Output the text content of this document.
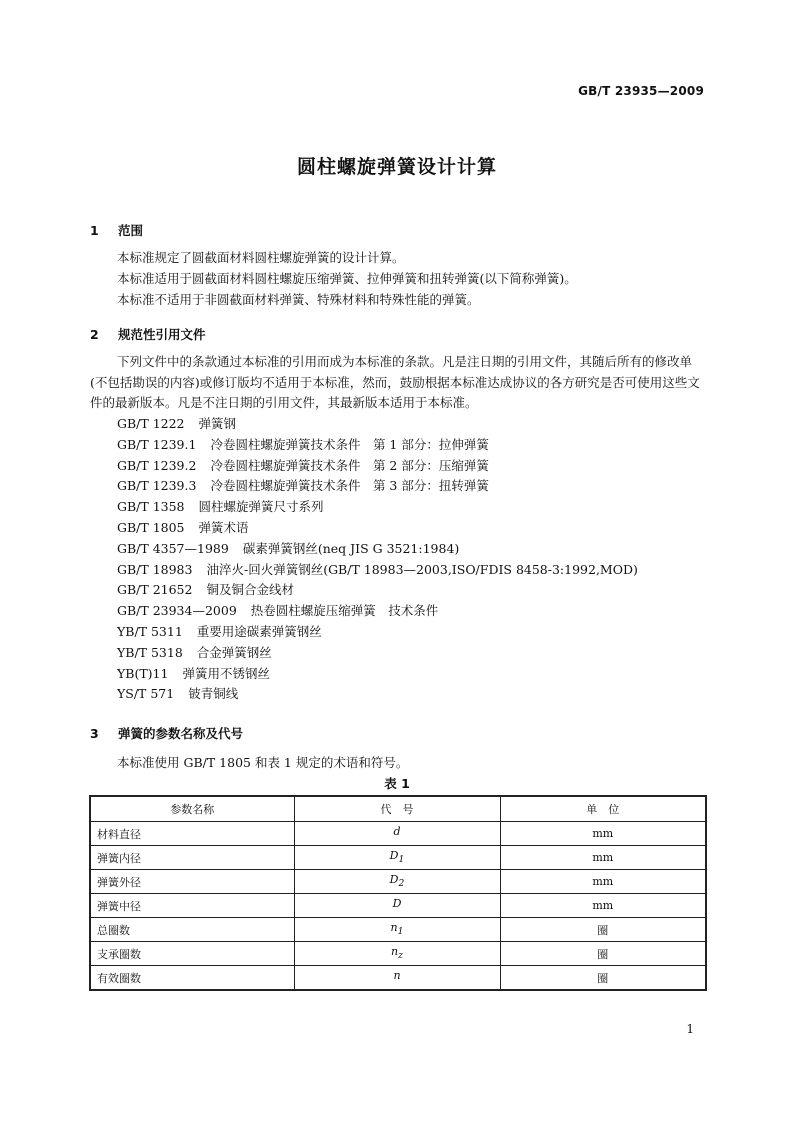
GB/T 23935—2009
圆柱螺旋弹簧设计计算
1 范围
本标准规定了圆截面材料圆柱螺旋弹簧的设计计算。
本标准适用于圆截面材料圆柱螺旋压缩弹簧、拉伸弹簧和扭转弹簧(以下简称弹簧)。
本标准不适用于非圆截面材料弹簧、特殊材料和特殊性能的弹簧。
2 规范性引用文件

下列文件中的条款通过本标准的引用而成为本标准的条款。凡是注日期的引用文件，其随后所有的修改单(不包括勘误的内容)或修订版均不适用于本标准，然而，鼓励根据本标准达成协议的各方研究是否可使用这些文件的最新版本。凡是不注日期的引用文件，其最新版本适用于本标准。

GB/T 1222 弹簧钢
GB/T 1239.1 冷卷圆柱螺旋弹簧技术条件　第 1 部分：拉伸弹簧
GB/T 1239.2 冷卷圆柱螺旋弹簧技术条件　第 2 部分：压缩弹簧
GB/T 1239.3 冷卷圆柱螺旋弹簧技术条件　第 3 部分：扭转弹簧
GB/T 1358 圆柱螺旋弹簧尺寸系列
GB/T 1805 弹簧术语
GB/T 4357—1989 碳素弹簧钢丝(neq JIS G 3521:1984)
GB/T 18983 油淬火-回火弹簧钢丝(GB/T 18983—2003,ISO/FDIS 8458-3:1992,MOD)
GB/T 21652 铜及铜合金线材
GB/T 23934—2009 热卷圆柱螺旋压缩弹簧　技术条件
YB/T 5311 重要用途碳素弹簧钢丝
YB/T 5318 合金弹簧钢丝
YB(T)11 弹簧用不锈钢丝
YS/T 571 铍青铜线
3 弹簧的参数名称及代号
本标准使用 GB/T 1805 和表 1 规定的术语和符号。
表 1
参数名称	代　号	单　位
材料直径	d	mm
弹簧内径	$D_1$	mm
弹簧外径	$D_2$	mm
弹簧中径	D	mm
总圈数	$n_1$	圈
支承圈数	$n_z$	圈
有效圈数	n	圈
1
